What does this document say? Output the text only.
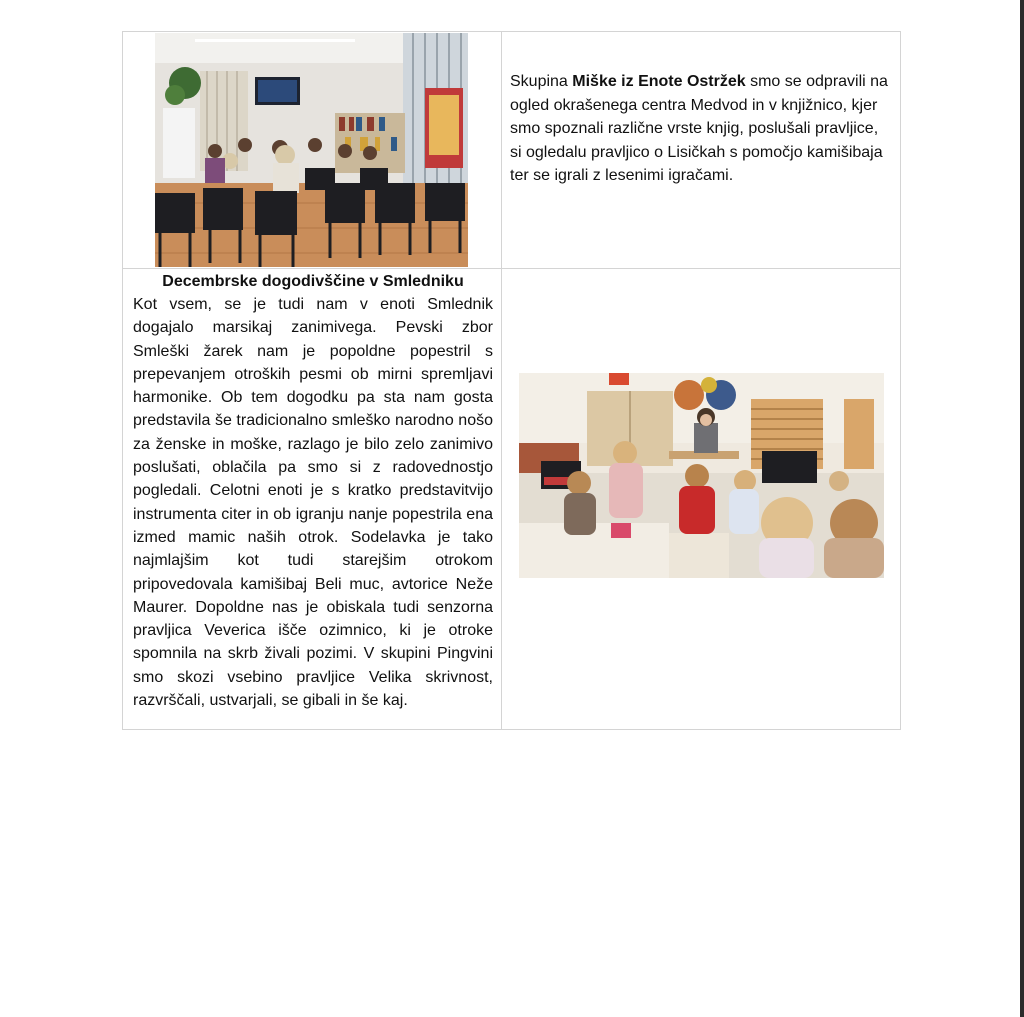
Skupina Miške iz Enote Ostržek smo se odpravili na ogled okrašenega centra Medvod in v knjižnico, kjer smo spoznali različne vrste knjig, poslušali pravljice, si ogledalu pravljico o Lisičkah s pomočjo kamišibaja ter se igrali z lesenimi igračami.
Decembrske dogodivščine v Smledniku
Kot vsem, se je tudi nam v enoti Smlednik dogajalo marsikaj zanimivega. Pevski zbor Smleški žarek nam je popoldne popestril s prepevanjem otroških pesmi ob mirni spremljavi harmonike. Ob tem dogodku pa sta nam gosta predstavila še tradicionalno smleško narodno nošo za ženske in moške, razlago je bilo zelo zanimivo poslušati, oblačila pa smo si z radovednostjo pogledali. Celotni enoti je s kratko predstavitvijo instrumenta citer in ob igranju nanje popestrila ena izmed mamic naših otrok. Sodelavka je tako najmlajšim kot tudi starejšim otrokom pripovedovala kamišibaj Beli muc, avtorice Neže Maurer. Dopoldne nas je obiskala tudi senzorna pravljica Veverica išče ozimnico, ki je otroke spomnila na skrb živali pozimi. V skupini Pingvini smo skozi vsebino pravljice Velika skrivnost, razvrščali, ustvarjali, se gibali in še kaj.
